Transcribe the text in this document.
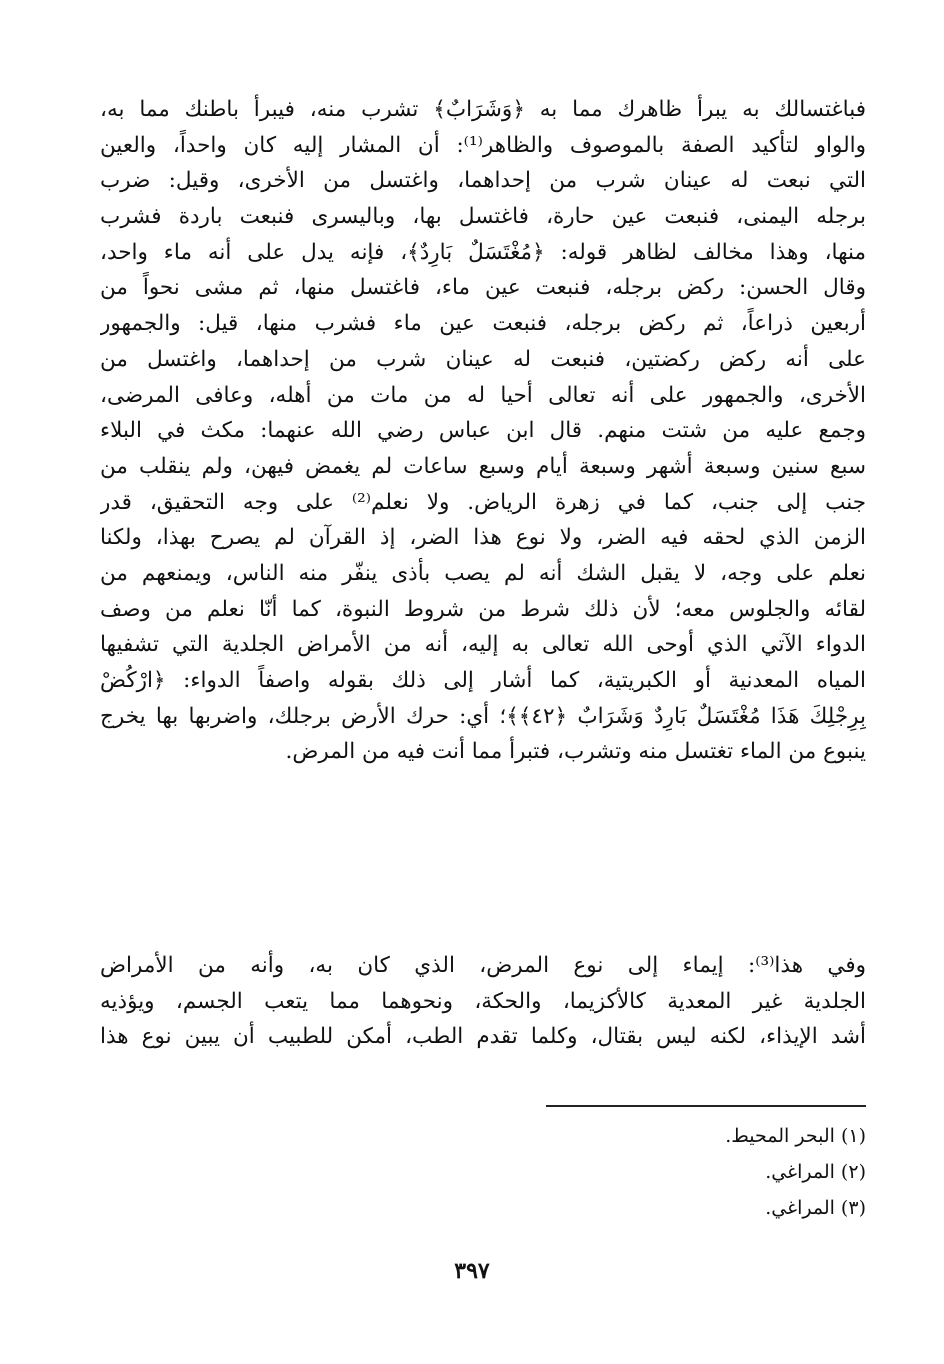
فباغتسالك به يبرأ ظاهرك مما به ﴿وَشَرَابٌ﴾ تشرب منه، فيبرأ باطنك مما به،
والواو لتأكيد الصفة بالموصوف والظاهر⁽¹⁾: أن المشار إليه كان واحداً، والعين
التي نبعت له عينان شرب من إحداهما، واغتسل من الأخرى، وقيل: ضرب
برجله اليمنى، فنبعت عين حارة، فاغتسل بها، وباليسرى فنبعت باردة فشرب
منها، وهذا مخالف لظاهر قوله: ﴿مُغْتَسَلٌ بَارِدٌ﴾، فإنه يدل على أنه ماء واحد،
وقال الحسن: ركض برجله، فنبعت عين ماء، فاغتسل منها، ثم مشى نحواً من
أربعين ذراعاً، ثم ركض برجله، فنبعت عين ماء فشرب منها، قيل: والجمهور
على أنه ركض ركضتين، فنبعت له عينان شرب من إحداهما، واغتسل من
الأخرى، والجمهور على أنه تعالى أحيا له من مات من أهله، وعافى المرضى،
وجمع عليه من شتت منهم. قال ابن عباس رضي الله عنهما: مكث في البلاء
سبع سنين وسبعة أشهر وسبعة أيام وسبع ساعات لم يغمض فيهن، ولم ينقلب من
جنب إلى جنب، كما في زهرة الرياض. ولا نعلم⁽²⁾ على وجه التحقيق، قدر
الزمن الذي لحقه فيه الضر، ولا نوع هذا الضر، إذ القرآن لم يصرح بهذا، ولكنا
نعلم على وجه، لا يقبل الشك أنه لم يصب بأذى ينفّر منه الناس، ويمنعهم من
لقائه والجلوس معه؛ لأن ذلك شرط من شروط النبوة، كما أنّا نعلم من وصف
الدواء الآتي الذي أوحى الله تعالى به إليه، أنه من الأمراض الجلدية التي تشفيها
المياه المعدنية أو الكبريتية، كما أشار إلى ذلك بقوله واصفاً الدواء: ﴿ارْكُضْ
بِرِجْلِكَ هَذَا مُغْتَسَلٌ بَارِدٌ وَشَرَابٌ ﴿٤٢﴾﴾؛ أي: حرك الأرض برجلك، واضربها بها يخرج
ينبوع من الماء تغتسل منه وتشرب، فتبرأ مما أنت فيه من المرض.
وفي هذا⁽³⁾: إيماء إلى نوع المرض، الذي كان به، وأنه من الأمراض
الجلدية غير المعدية كالأكزيما، والحكة، ونحوهما مما يتعب الجسم، ويؤذيه
أشد الإيذاء، لكنه ليس بقتال، وكلما تقدم الطب، أمكن للطبيب أن يبين نوع هذا
(١) البحر المحيط.
(٢) المراغي.
(٣) المراغي.
٣٩٧
